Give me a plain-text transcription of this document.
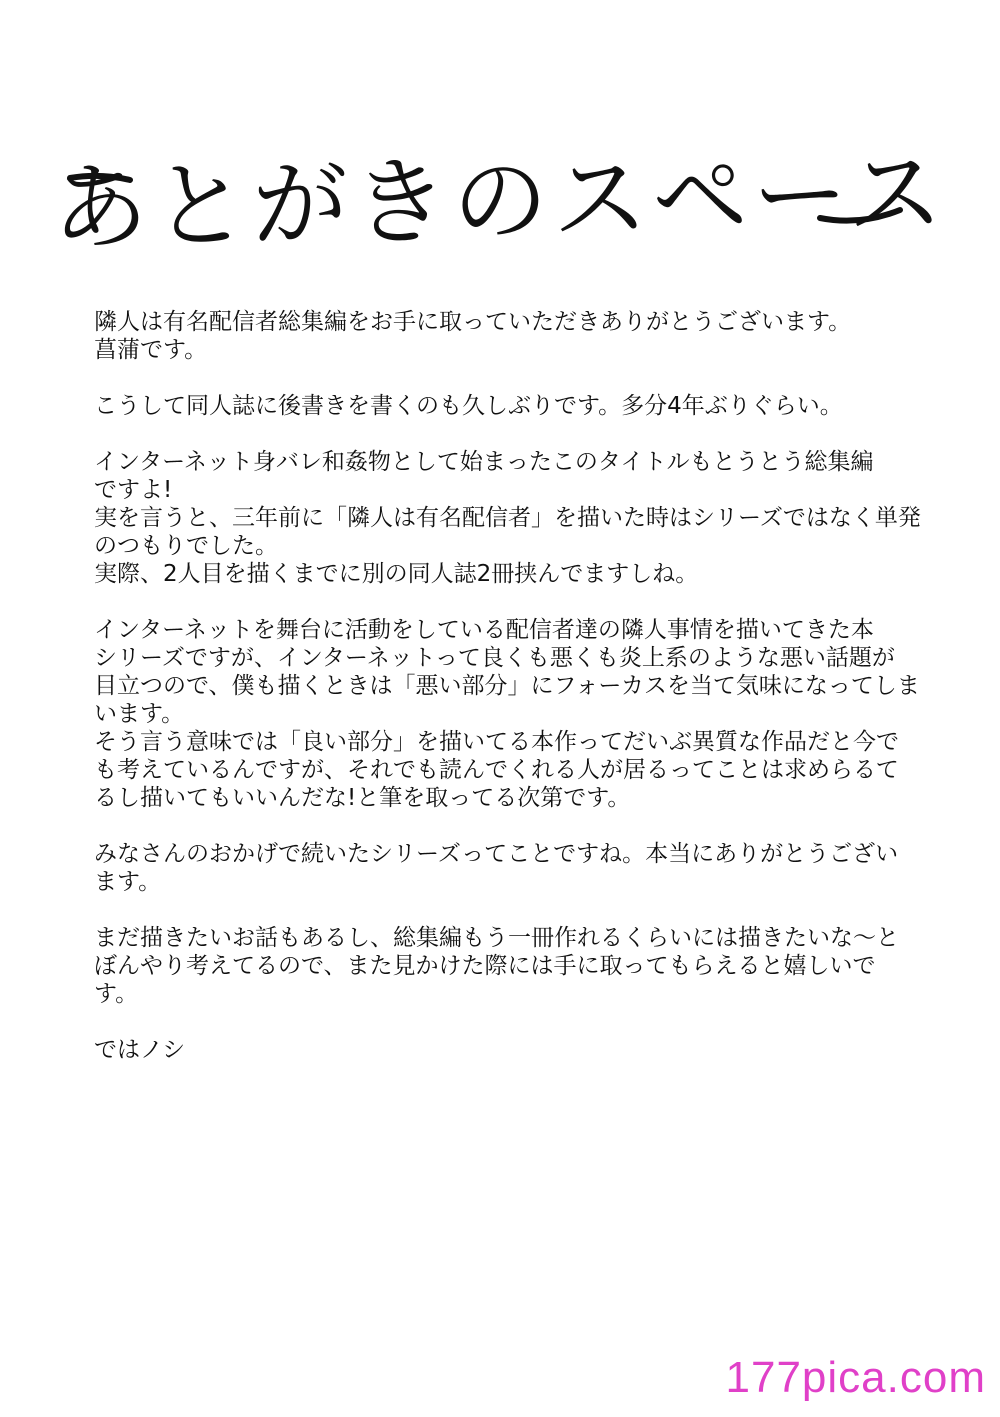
あとがきのスペース

隣人は有名配信者総集編をお手に取っていただきありがとうございます。
菖蒲です。

こうして同人誌に後書きを書くのも久しぶりです。多分4年ぶりぐらい。

インターネット身バレ和姦物として始まったこのタイトルもとうとう総集編
ですよ!
実を言うと、三年前に「隣人は有名配信者」を描いた時はシリーズではなく単発
のつもりでした。
実際、2人目を描くまでに別の同人誌2冊挟んでますしね。

インターネットを舞台に活動をしている配信者達の隣人事情を描いてきた本
シリーズですが、インターネットって良くも悪くも炎上系のような悪い話題が
目立つので、僕も描くときは「悪い部分」にフォーカスを当て気味になってしま
います。
そう言う意味では「良い部分」を描いてる本作ってだいぶ異質な作品だと今で
も考えているんですが、それでも読んでくれる人が居るってことは求めらるて
るし描いてもいいんだな!と筆を取ってる次第です。

みなさんのおかげで続いたシリーズってことですね。本当にありがとうござい
ます。

まだ描きたいお話もあるし、総集編もう一冊作れるくらいには描きたいな～と
ぼんやり考えてるので、また見かけた際には手に取ってもらえると嬉しいで
す。

ではノシ

177pica.com
